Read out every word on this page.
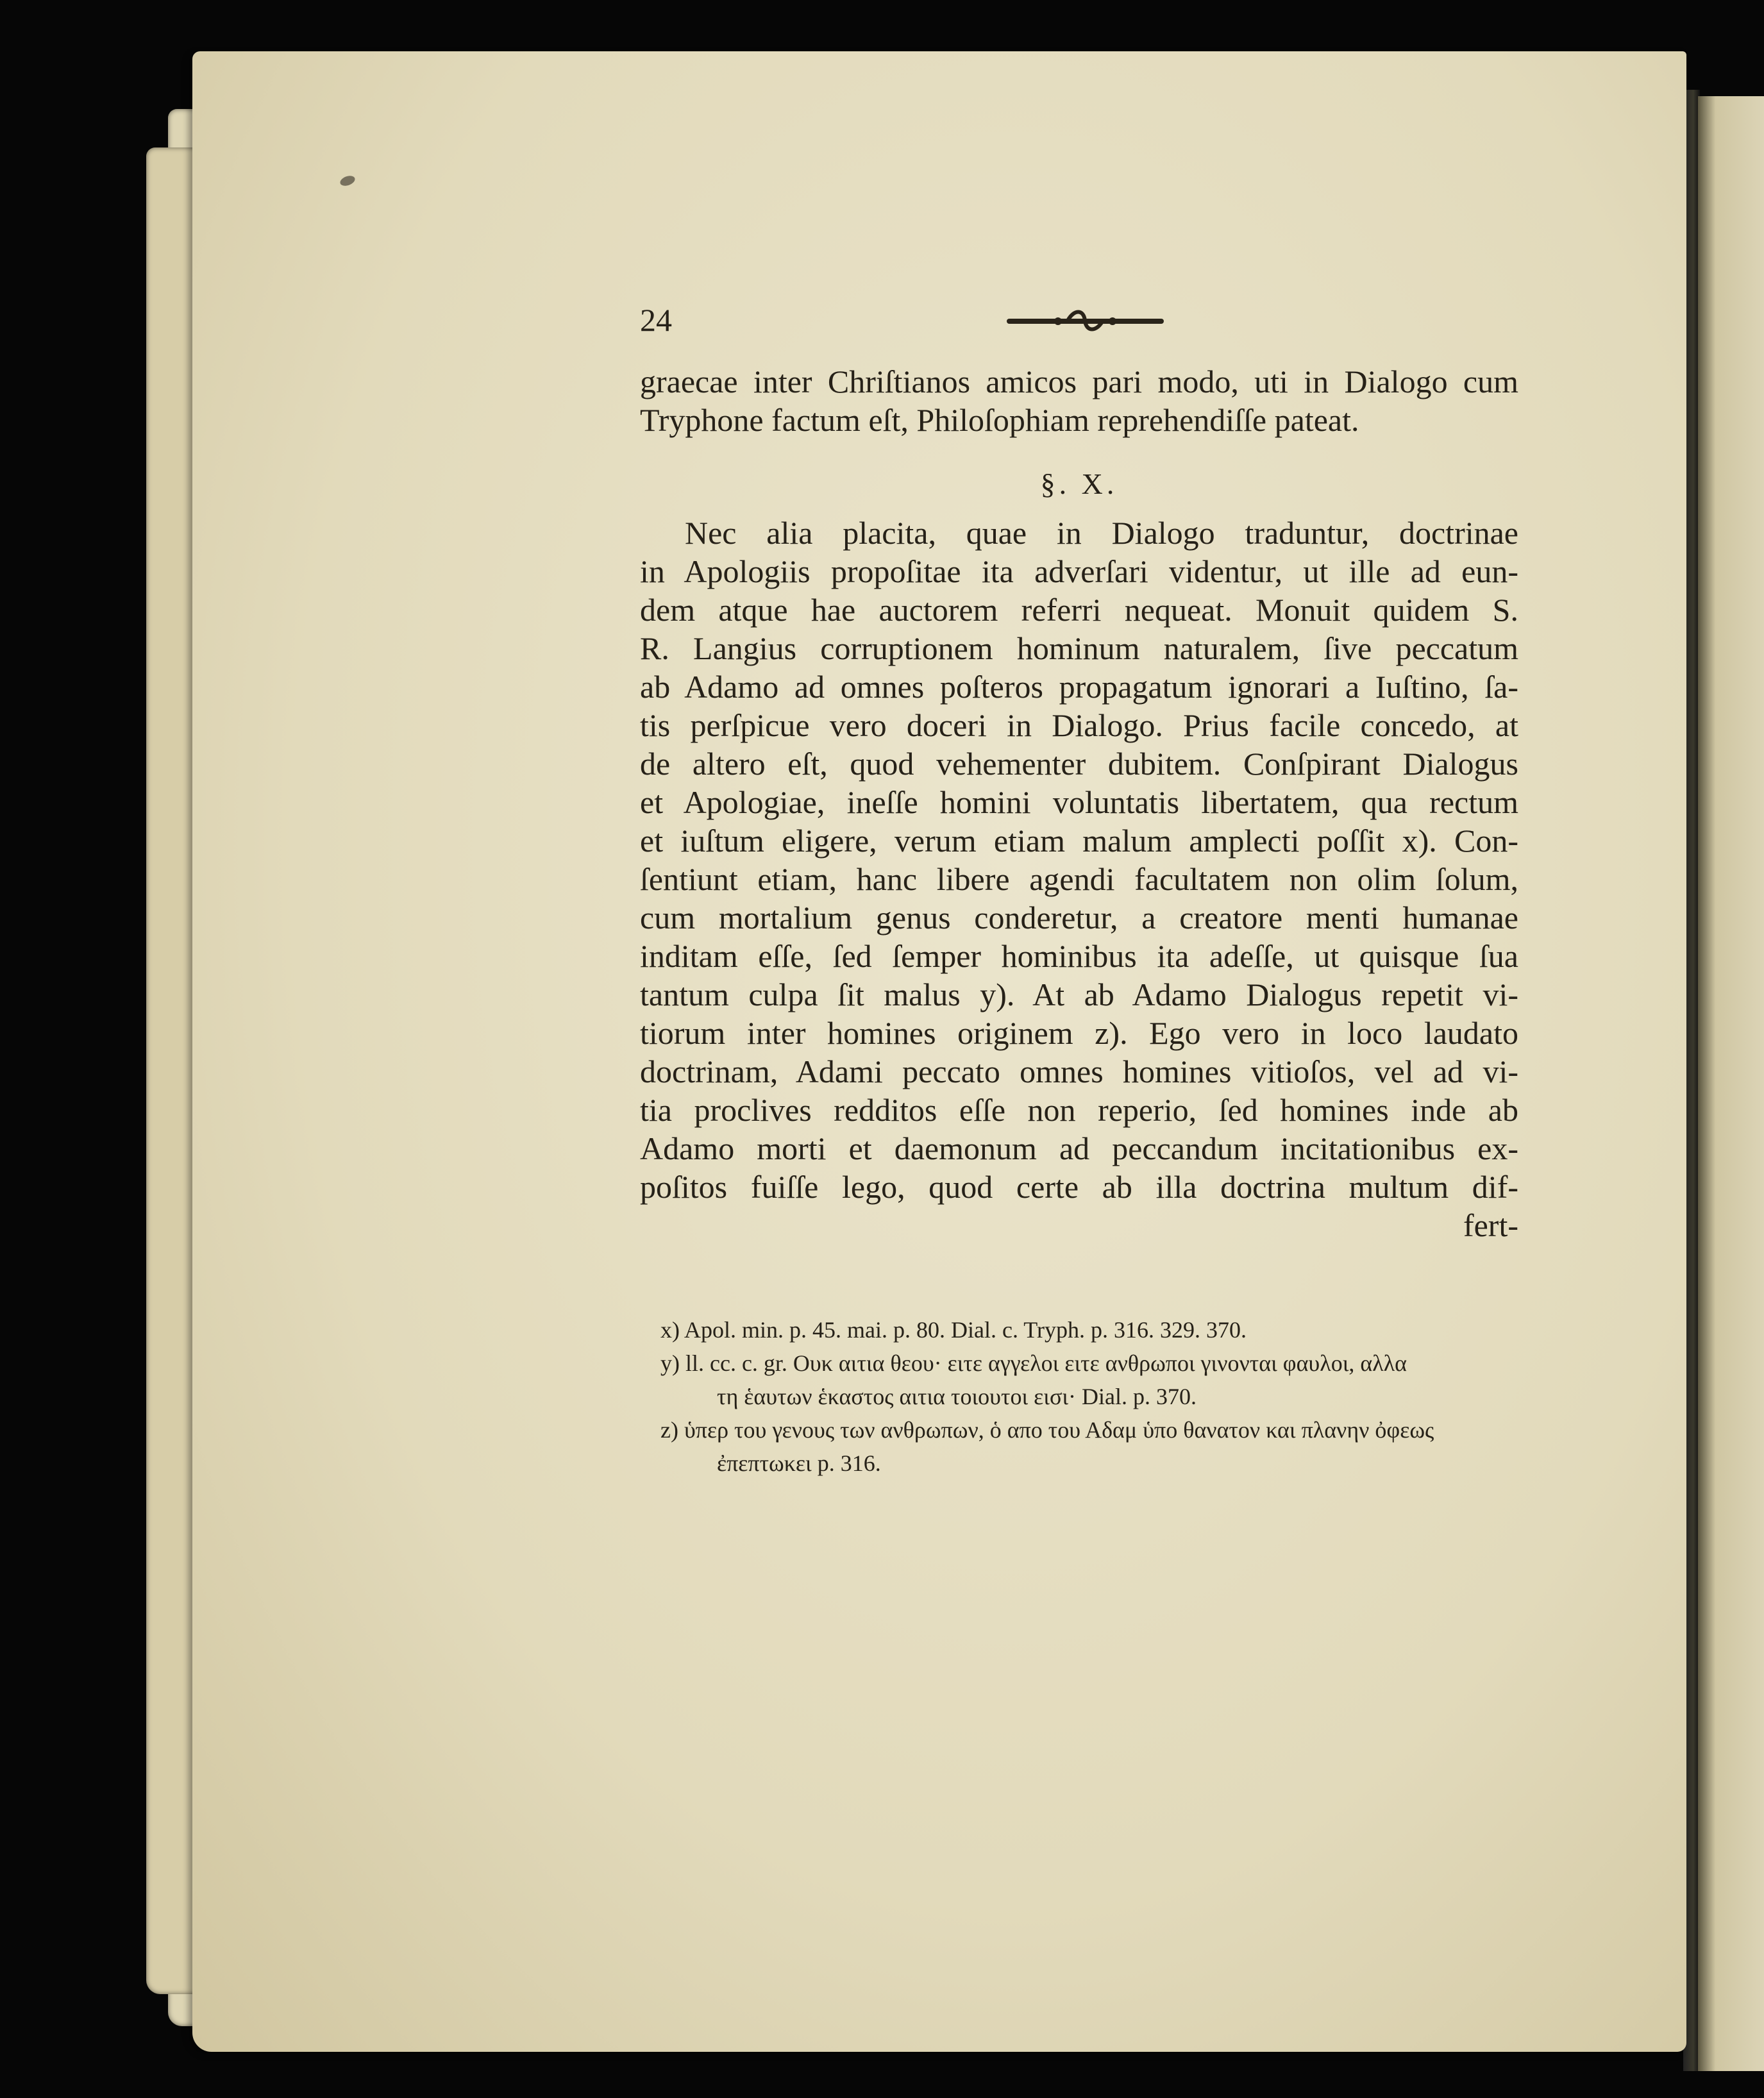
24
graecae inter Chriſtianos amicos pari modo, uti in Dialogo cum
Tryphone factum eſt, Philoſophiam reprehendiſſe pateat.
§. X.
Nec alia placita, quae in Dialogo traduntur, doctrinae
in Apologiis propoſitae ita adverſari videntur, ut ille ad eun-
dem atque hae auctorem referri nequeat. Monuit quidem S.
R. Langius corruptionem hominum naturalem, ſive peccatum
ab Adamo ad omnes poſteros propagatum ignorari a Iuſtino, ſa-
tis perſpicue vero doceri in Dialogo. Prius facile concedo, at
de altero eſt, quod vehementer dubitem. Conſpirant Dialogus
et Apologiae, ineſſe homini voluntatis libertatem, qua rectum
et iuſtum eligere, verum etiam malum amplecti poſſit x). Con-
ſentiunt etiam, hanc libere agendi facultatem non olim ſolum,
cum mortalium genus conderetur, a creatore menti humanae
inditam eſſe, ſed ſemper hominibus ita adeſſe, ut quisque ſua
tantum culpa ſit malus y). At ab Adamo Dialogus repetit vi-
tiorum inter homines originem z). Ego vero in loco laudato
doctrinam, Adami peccato omnes homines vitioſos, vel ad vi-
tia proclives redditos eſſe non reperio, ſed homines inde ab
Adamo morti et daemonum ad peccandum incitationibus ex-
poſitos fuiſſe lego, quod certe ab illa doctrina multum dif-
fert-
x) Apol. min. p. 45. mai. p. 80. Dial. c. Tryph. p. 316. 329. 370.
y) ll. cc. c. gr. Ουκ αιτια θεου· ειτε αγγελοι ειτε ανθρωποι γινονται φαυλοι, αλλα
τη ἑαυτων ἑκαστος αιτια τοιουτοι εισι· Dial. p. 370.
z) ὑπερ του γενους των ανθρωπων, ὁ απο του Αδαμ ὑπο θανατον και πλανην ὀφεως
ἐπεπτωκει p. 316.
